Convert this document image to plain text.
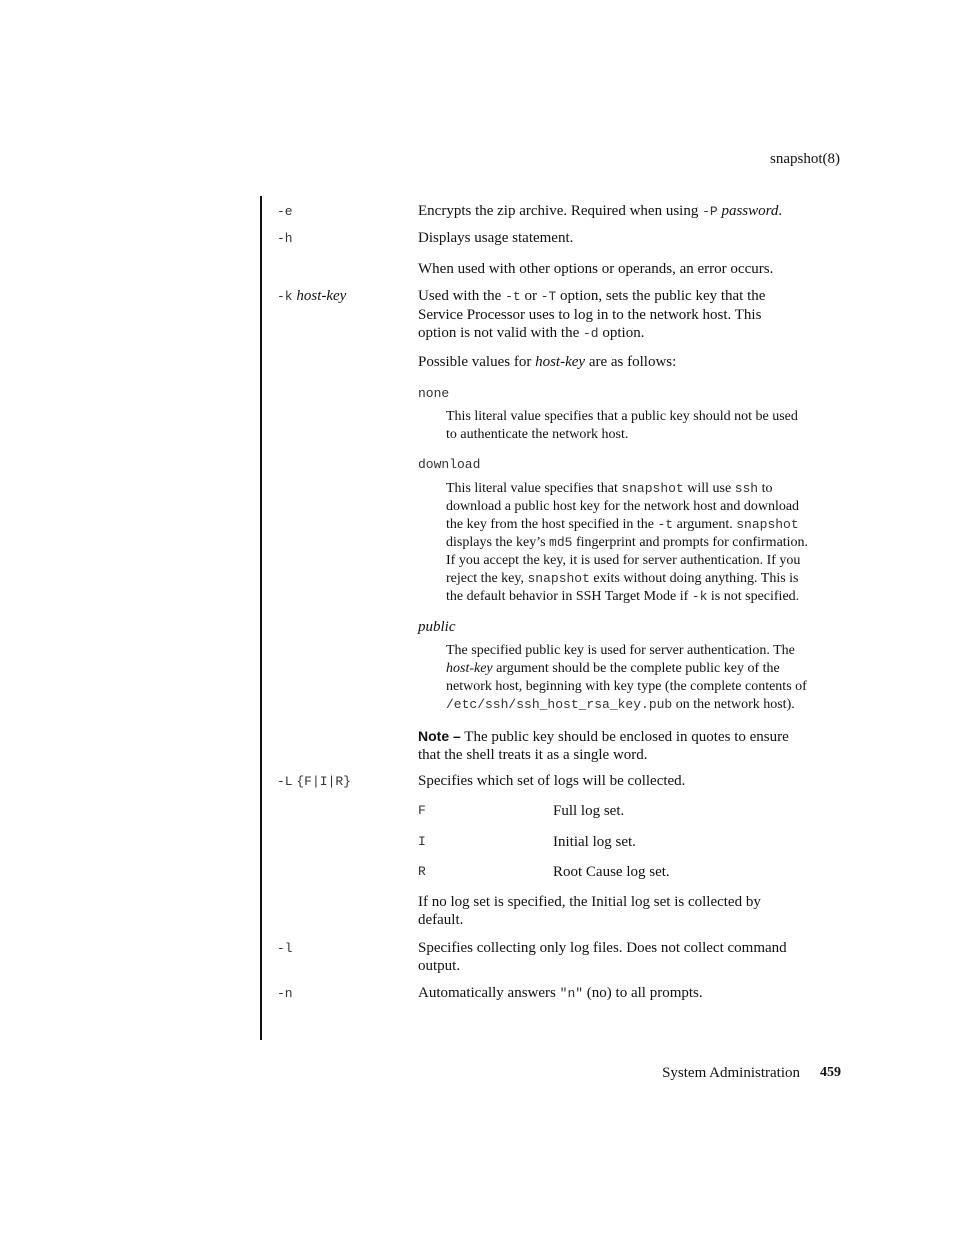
snapshot(8)
-e	Encrypts the zip archive. Required when using -P password.
-h	Displays usage statement.
When used with other options or operands, an error occurs.
-k host-key	Used with the -t or -T option, sets the public key that the
Service Processor uses to log in to the network host. This
option is not valid with the -d option.
Possible values for host-key are as follows:
none
This literal value specifies that a public key should not be used
to authenticate the network host.
download
This literal value specifies that snapshot will use ssh to
download a public host key for the network host and download
the key from the host specified in the -t argument. snapshot
displays the key’s md5 fingerprint and prompts for confirmation.
If you accept the key, it is used for server authentication. If you
reject the key, snapshot exits without doing anything. This is
the default behavior in SSH Target Mode if -k is not specified.
public
The specified public key is used for server authentication. The
host-key argument should be the complete public key of the
network host, beginning with key type (the complete contents of
/etc/ssh/ssh_host_rsa_key.pub on the network host).
Note – The public key should be enclosed in quotes to ensure
that the shell treats it as a single word.
-L {F|I|R}	Specifies which set of logs will be collected.
F	Full log set.
I	Initial log set.
R	Root Cause log set.
If no log set is specified, the Initial log set is collected by
default.
-l	Specifies collecting only log files. Does not collect command
output.
-n	Automatically answers "n" (no) to all prompts.
System Administration 459
